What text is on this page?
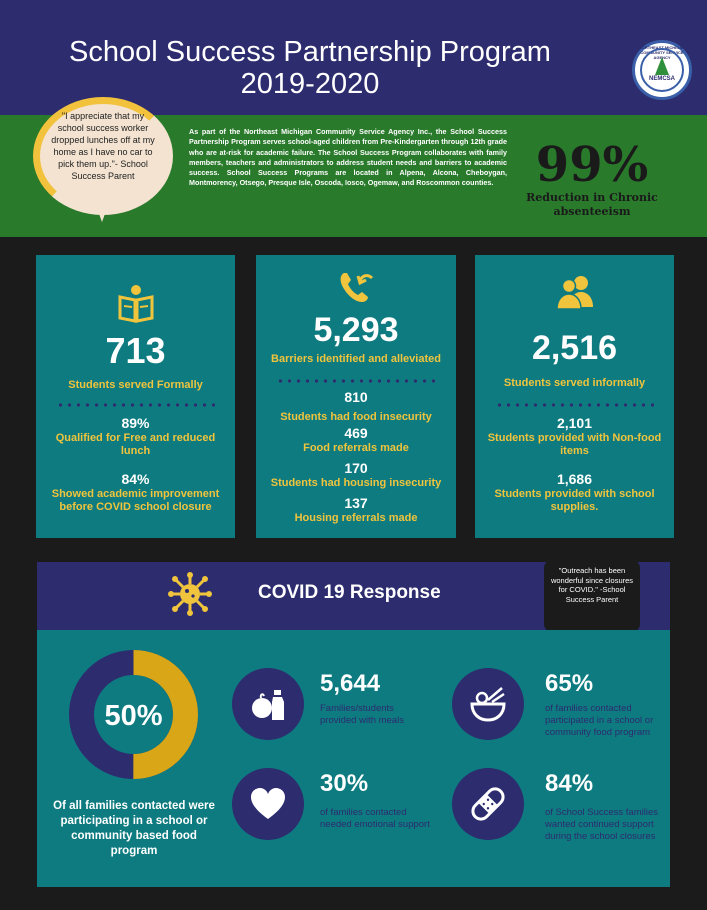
School Success Partnership Program 2019-2020
NORTHEAST MICHIGAN COMMUNITY SERVICE AGENCY
NEMCSA
"I appreciate that my school success worker dropped lunches off at my home as I have no car to pick them up."- School Success Parent
As part of the Northeast Michigan Community Service Agency Inc., the School Success Partnership Program serves school-aged children from Pre-Kindergarten through 12th grade who are at-risk for academic failure. The School Success Program collaborates with family members, teachers and administrators to address student needs and barriers to academic success. School Success Programs are located in Alpena, Alcona, Cheboygan, Montmorency, Otsego, Presque Isle, Oscoda, Iosco, Ogemaw, and Roscommon counties. 99%
Reduction in Chronic absenteeism
713
Students served Formally
89%
Qualified for Free and reduced lunch
84%
Showed academic improvement before COVID school closure
5,293
Barriers identified and alleviated
810
Students had food insecurity
469
Food referrals made
170
Students had housing insecurity
137
Housing referrals made
2,516
Students served informally
2,101
Students provided with Non-food items
1,686
Students provided with school supplies.
COVID 19 Response
"Outreach has been wonderful since closures for COVID." -School Success Parent
50%
Of all families contacted were participating in a school or community based food program
5,644
Families/students provided with meals
65%
of families contacted participated in a school or community food program
30%
of families contacted needed emotional support
84%
of School Success families wanted continued support during the school closures
